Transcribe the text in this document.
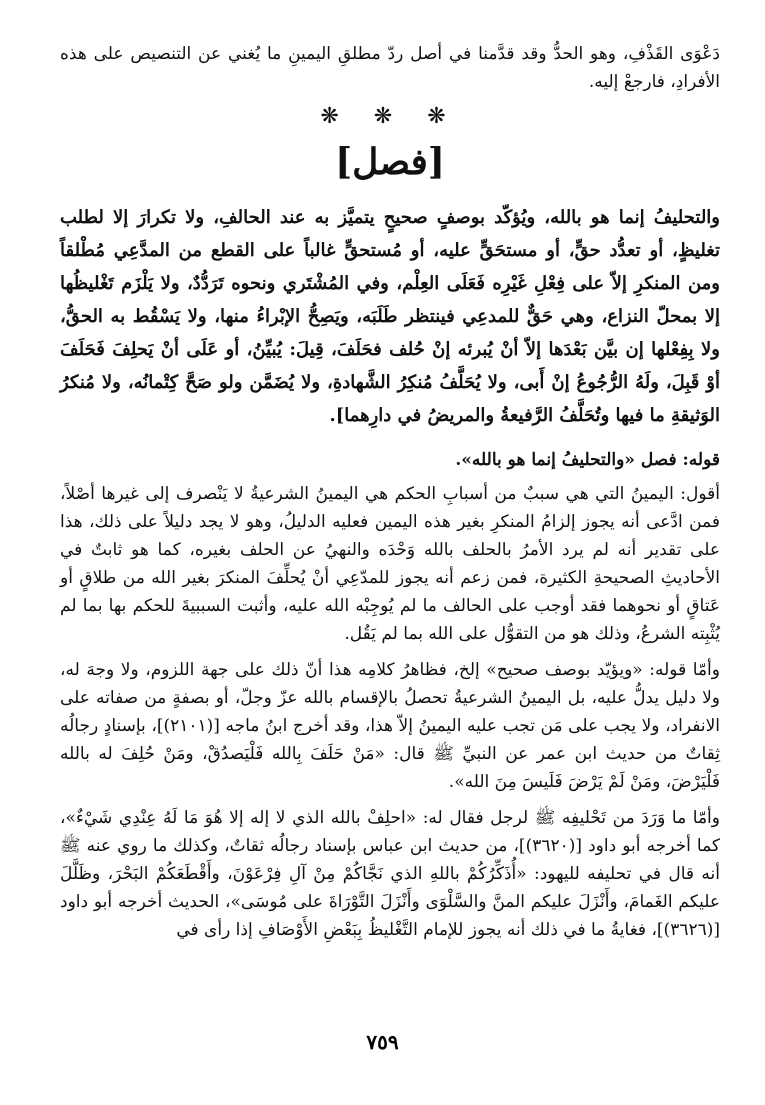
دَعْوَى القَذْفِ، وهو الحدُّ وقد قدَّمنا في أصل ردّ مطلقِ اليمينِ ما يُغني عن التنصيص على هذه الأفرادِ، فارجعْ إليه.

❋ ❋ ❋
[فصل]

والتحليفُ إنما هو بالله، ويُؤكّد بوصفٍ صحيحٍ يتميَّز به عند الحالفِ، ولا تكرارَ إلا لطلب تغليظٍ، أو تعدُّد حقٍّ، أو مستحَقٍّ عليه، أو مُستحقٍّ غالباً على القطع من المدَّعِي مُطْلقاً ومن المنكرِ إلاّ على فِعْلِ غَيْرِه فَعَلَى العِلْم، وفي المُشْتَري ونحوه تَرَدُّدٌ، ولا يَلْزَم تَغْليظُها إلا بمحلّ النزاع، وهي حَقٌّ للمدعِي فينتظر طَلَبَه، ويَصِحُّ الإبْراءُ منها، ولا يَسْقُط به الحقُّ، ولا بِفِعْلها إن بيَّن بَعْدَها إلاّ أنْ يُبرئه إنْ حُلف فحَلَفَ، قِيلَ: يُبيِّنُ، أو عَلَى أنْ يَحلِفَ فَحَلَفَ أوْ قَبِلَ، ولَهُ الرُّجُوعُ إنْ أَبى، ولا يُحَلَّفُ مُنكِرُ الشَّهادةِ، ولا يُضَمَّن ولو صَحَّ كِتْمانُه، ولا مُنكرُ الوَثيقةِ ما فيها وتُحَلَّفُ الرَّفيعةُ والمريضُ في دارِهما].

قوله: فصل «والتحليفُ إنما هو بالله».

أقول: اليمينُ التي هي سببٌ من أسبابِ الحكم هي اليمينُ الشرعيةُ لا يَنْصرف إلى غيرها أصْلاً، فمن ادَّعى أنه يجوز إلزامُ المنكرِ بغير هذه اليمين فعليه الدليلُ، وهو لا يجد دليلاً على ذلك، هذا على تقدير أنه لم يرد الأمرُ بالحلف بالله وَحْدَه والنهيُ عن الحلف بغيره، كما هو ثابتٌ في الأحاديثِ الصحيحةِ الكثيرة، فمن زعم أنه يجوز للمدّعِي أنْ يُحلِّفَ المنكرَ بغير الله من طلاقٍ أو عَتاقٍ أو نحوهما فقد أوجب على الحالف ما لم يُوجِبْه الله عليه، وأثبت السببيةَ للحكم بها بما لم يُثْبِته الشرعُ، وذلك هو من التقوُّل على الله بما لم يَقُل.

وأمّا قوله: «ويؤيّد بوصف صحيح» إلخ، فظاهرُ كلامِه هذا أنّ ذلك على جهة اللزوم، ولا وجهَ له، ولا دليل يدلُّ عليه، بل اليمينُ الشرعيةُ تحصلُ بالإقسام بالله عزّ وجلّ، أو بصفةٍ من صفاته على الانفراد، ولا يجب على مَن تجب عليه اليمينُ إلاّ هذا، وقد أخرج ابنُ ماجه [(٢١٠١)]، بإسنادٍ رجالُه ثِقاتٌ من حديث ابن عمر عن النبيِّ ﷺ قال: «مَنْ حَلَفَ بِالله فَلْيَصدُقْ، ومَنْ حُلِفَ له بالله فَلْيَرْضَ، ومَنْ لَمْ يَرْضَ فَلَيسَ مِنَ الله».

وأمّا ما وَرَدَ من تَحْليفِه ﷺ لرجل فقال له: «احلِفْ بالله الذي لا إله إلا هُوَ مَا لَهُ عِنْدِي شَيْءٌ»، كما أخرجه أبو داود [(٣٦٢٠)]، من حديث ابن عباس بإسناد رجالُه ثقاتٌ، وكذلك ما روي عنه ﷺ أنه قال في تحليفه لليهود: «أُذَكِّرُكُمْ باللهِ الذي نَجَّاكُمْ مِنْ آلِ فِرْعَوْنَ، وأَقْطَعَكُمْ البَحْرَ، وظَلَّلَ عليكم الغَمامَ، وأَنْزَلَ عليكم المنَّ والسَّلْوَى وأَنْزَلَ التَّوْرَاةَ على مُوسَى»، الحديث أخرجه أبو داود [(٣٦٢٦)]، فغايةُ ما في ذلك أنه يجوز للإمام التَّغْليظُ بِبَعْضِ الأَوْصَافِ إذا رأى في

٧٥٩
